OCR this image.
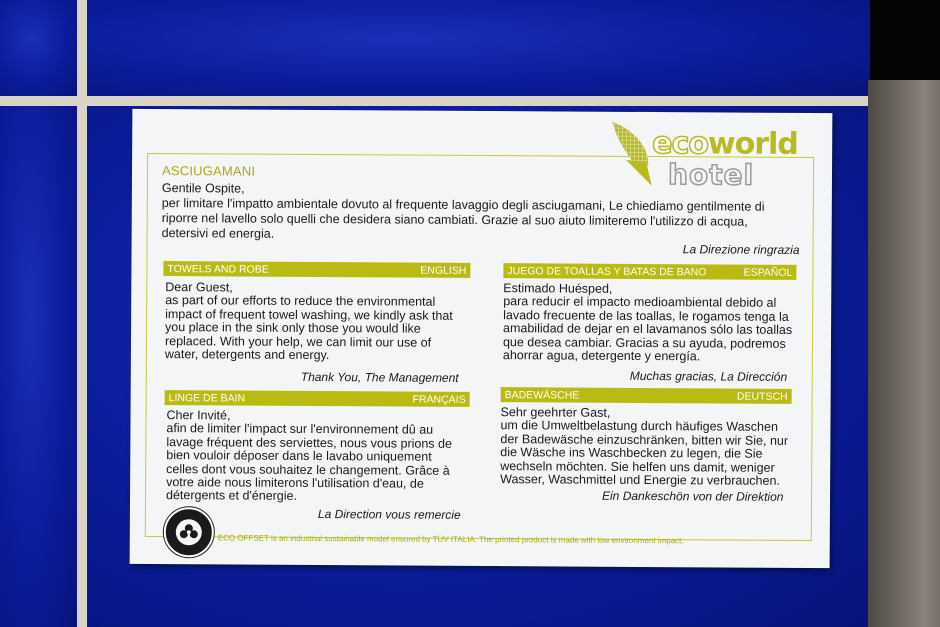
ecoworld
hotel
ASCIUGAMANI
Gentile Ospite,
per limitare l'impatto ambientale dovuto al frequente lavaggio degli asciugamani, Le chiediamo gentilmente di
riporre nel lavello solo quelli che desidera siano cambiati. Grazie al suo aiuto limiteremo l'utilizzo di acqua,
detersivi ed energia.
La Direzione ringrazia
TOWELS AND ROBE	ENGLISH
Dear Guest,
as part of our efforts to reduce the environmental
impact of frequent towel washing, we kindly ask that
you place in the sink only those you would like
replaced. With your help, we can limit our use of
water, detergents and energy.
Thank You, The Management
JUEGO DE TOALLAS Y BATAS DE BANO	ESPAÑOL
Estimado Huésped,
para reducir el impacto medioambiental debido al
lavado frecuente de las toallas, le rogamos tenga la
amabilidad de dejar en el lavamanos sólo las toallas
que desea cambiar. Gracias a su ayuda, podremos
ahorrar agua, detergente y energía.
Muchas gracias, La Dirección
LINGE DE BAIN	FRANÇAIS
Cher Invité,
afin de limiter l'impact sur l'environnement dû au
lavage fréquent des serviettes, nous vous prions de
bien vouloir déposer dans le lavabo uniquement
celles dont vous souhaitez le changement. Grâce à
votre aide nous limiterons l'utilisation d'eau, de
détergents et d'énergie.
La Direction vous remercie
BADEWÄSCHE	DEUTSCH
Sehr geehrter Gast,
um die Umweltbelastung durch häufiges Waschen
der Badewäsche einzuschränken, bitten wir Sie, nur
die Wäsche ins Waschbecken zu legen, die Sie
wechseln möchten. Sie helfen uns damit, weniger
Wasser, Waschmittel und Energie zu verbrauchen.
Ein Dankeschön von der Direktion
ECO OFFSET is an industrial sustainable model ensured by TÜV ITALIA. The printed product is made with low environment impact.
